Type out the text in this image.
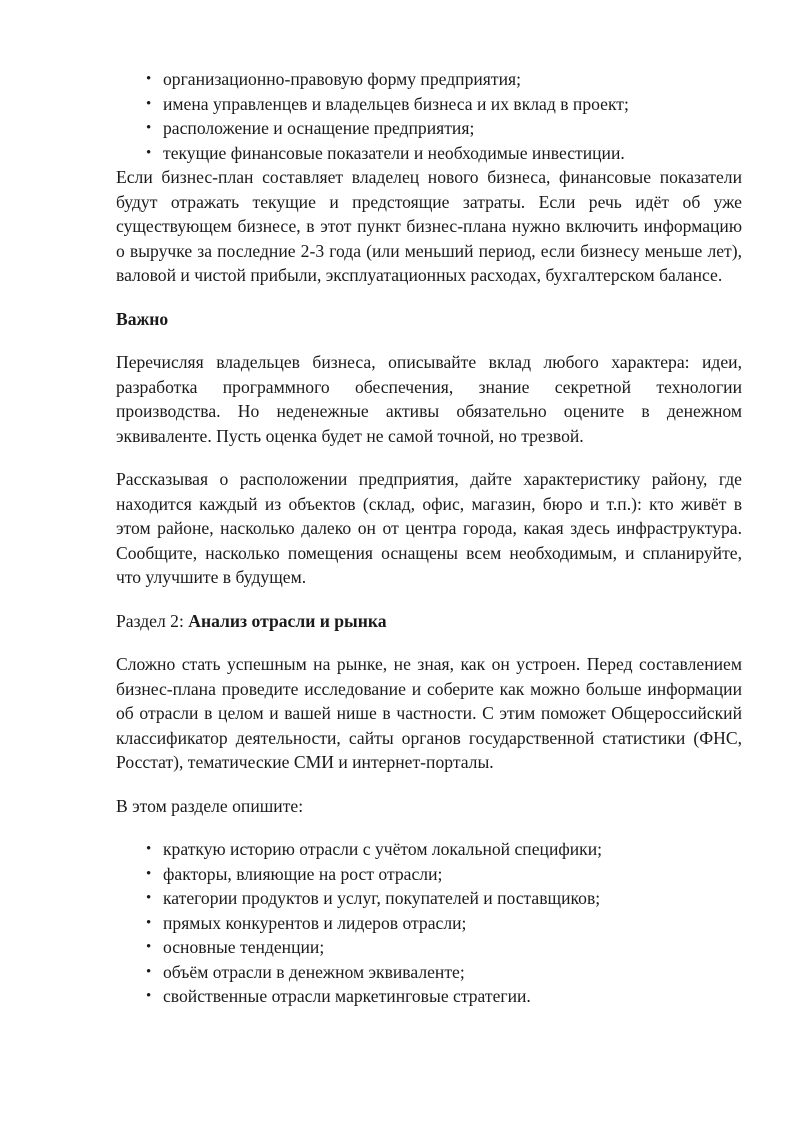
• организационно-правовую форму предприятия;
• имена управленцев и владельцев бизнеса и их вклад в проект;
• расположение и оснащение предприятия;
• текущие финансовые показатели и необходимые инвестиции.

Если бизнес-план составляет владелец нового бизнеса, финансовые показатели будут отражать текущие и предстоящие затраты. Если речь идёт об уже существующем бизнесе, в этот пункт бизнес-плана нужно включить информацию о выручке за последние 2-3 года (или меньший период, если бизнесу меньше лет), валовой и чистой прибыли, эксплуатационных расходах, бухгалтерском балансе.

Важно

Перечисляя владельцев бизнеса, описывайте вклад любого характера: идеи, разработка программного обеспечения, знание секретной технологии производства. Но неденежные активы обязательно оцените в денежном эквиваленте. Пусть оценка будет не самой точной, но трезвой.

Рассказывая о расположении предприятия, дайте характеристику району, где находится каждый из объектов (склад, офис, магазин, бюро и т.п.): кто живёт в этом районе, насколько далеко он от центра города, какая здесь инфраструктура. Сообщите, насколько помещения оснащены всем необходимым, и спланируйте, что улучшите в будущем.

Раздел 2: Анализ отрасли и рынка

Сложно стать успешным на рынке, не зная, как он устроен. Перед составлением бизнес-плана проведите исследование и соберите как можно больше информации об отрасли в целом и вашей нише в частности. С этим поможет Общероссийский классификатор деятельности, сайты органов государственной статистики (ФНС, Росстат), тематические СМИ и интернет-порталы.

В этом разделе опишите:

• краткую историю отрасли с учётом локальной специфики;
• факторы, влияющие на рост отрасли;
• категории продуктов и услуг, покупателей и поставщиков;
• прямых конкурентов и лидеров отрасли;
• основные тенденции;
• объём отрасли в денежном эквиваленте;
• свойственные отрасли маркетинговые стратегии.
